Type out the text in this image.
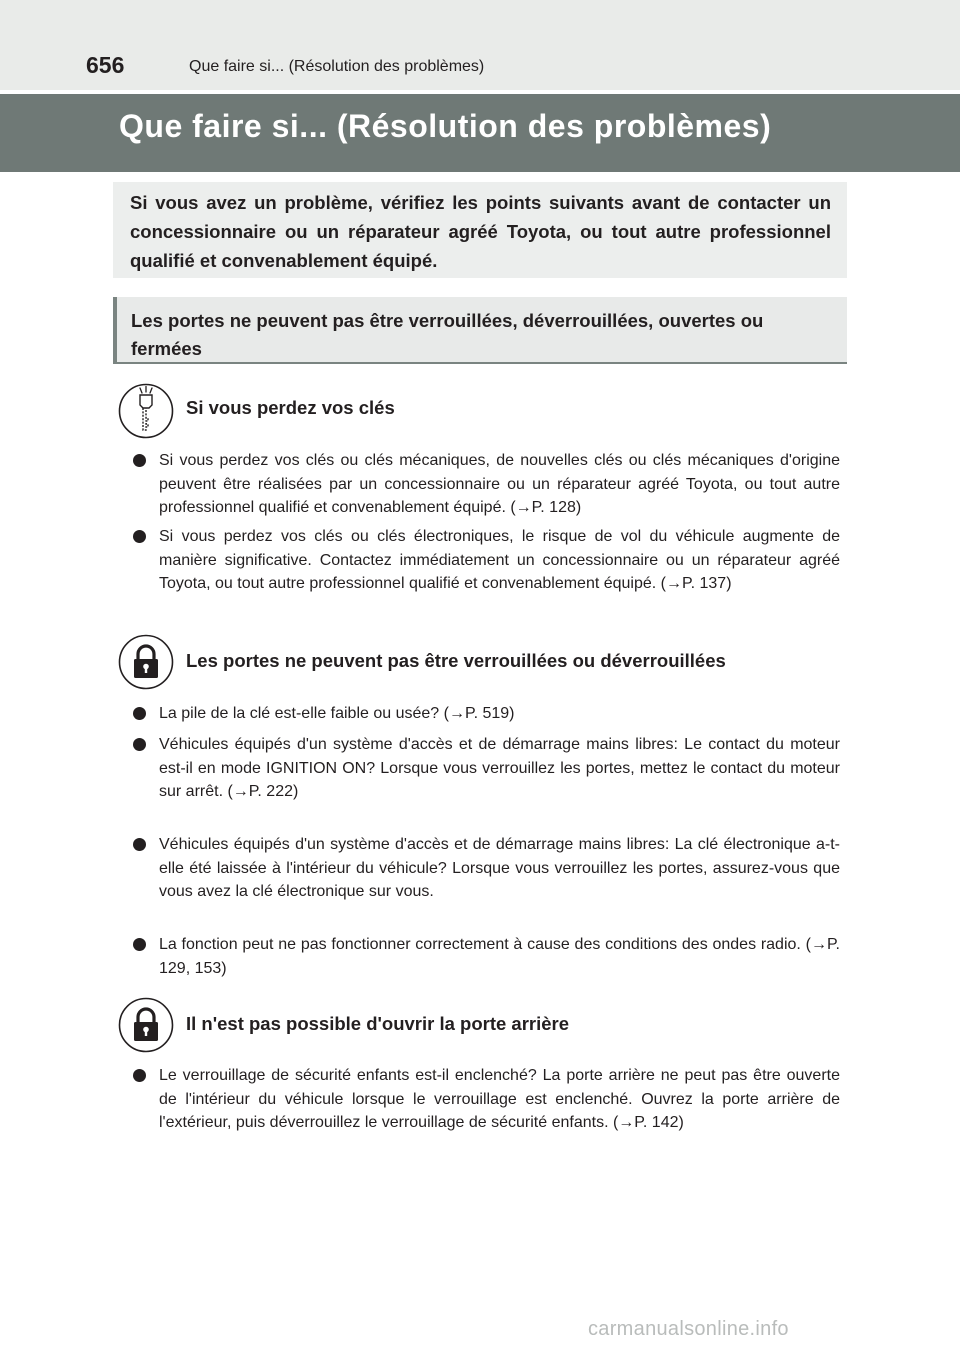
656	Que faire si... (Résolution des problèmes)
Que faire si... (Résolution des problèmes)
Si vous avez un problème, vérifiez les points suivants avant de contacter un concessionnaire ou un réparateur agréé Toyota, ou tout autre professionnel qualifié et convenablement équipé.
Les portes ne peuvent pas être verrouillées, déverrouillées, ouvertes ou fermées
Si vous perdez vos clés
Si vous perdez vos clés ou clés mécaniques, de nouvelles clés ou clés mécaniques d'origine peuvent être réalisées par un concessionnaire ou un réparateur agréé Toyota, ou tout autre professionnel qualifié et convenablement équipé. (→P. 128)
Si vous perdez vos clés ou clés électroniques, le risque de vol du véhicule augmente de manière significative. Contactez immédiatement un concessionnaire ou un réparateur agréé Toyota, ou tout autre professionnel qualifié et convenablement équipé. (→P. 137)
Les portes ne peuvent pas être verrouillées ou déverrouillées
La pile de la clé est-elle faible ou usée? (→P. 519)
Véhicules équipés d'un système d'accès et de démarrage mains libres: Le contact du moteur est-il en mode IGNITION ON? Lorsque vous verrouillez les portes, mettez le contact du moteur sur arrêt. (→P. 222)
Véhicules équipés d'un système d'accès et de démarrage mains libres: La clé électronique a-t-elle été laissée à l'intérieur du véhicule? Lorsque vous verrouillez les portes, assurez-vous que vous avez la clé électronique sur vous.
La fonction peut ne pas fonctionner correctement à cause des conditions des ondes radio. (→P. 129, 153)
Il n'est pas possible d'ouvrir la porte arrière
Le verrouillage de sécurité enfants est-il enclenché? La porte arrière ne peut pas être ouverte de l'intérieur du véhicule lorsque le verrouillage est enclenché. Ouvrez la porte arrière de l'extérieur, puis déverrouillez le verrouillage de sécurité enfants. (→P. 142)
carmanualsonline.info
